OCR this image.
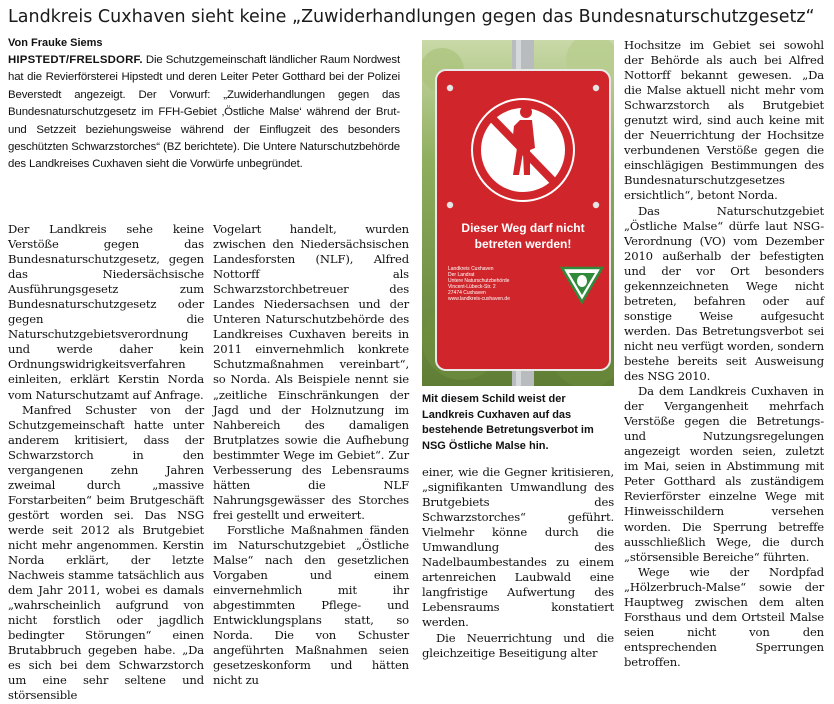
Landkreis Cuxhaven sieht keine „Zuwiderhandlungen gegen das Bundesnaturschutzgesetz“
Von Frauke Siems

HIPSTEDT/FRELSDORF. Die Schutzgemeinschaft ländlicher Raum Nordwest hat die Revierförsterei Hipstedt und deren Leiter Peter Gotthard bei der Polizei Beverstedt angezeigt. Der Vorwurf: „Zuwiderhandlungen gegen das Bundesnaturschutzgesetz im FFH-Gebiet ‚Östliche Malse‘ während der Brut- und Setzzeit beziehungsweise während der Einflugzeit des besonders geschützten Schwarzstorches“ (BZ berichtete). Die Untere Naturschutzbehörde des Landkreises Cuxhaven sieht die Vorwürfe unbegründet.

Der Landkreis sehe keine Verstöße gegen das Bundesnaturschutzgesetz, gegen das Niedersächsische Ausführungsgesetz zum Bundesnaturschutzgesetz oder gegen die Naturschutzgebietsverordnung und werde daher kein Ordnungswidrigkeitsverfahren einleiten, erklärt Kerstin Norda vom Naturschutzamt auf Anfrage.

Manfred Schuster von der Schutzgemeinschaft hatte unter anderem kritisiert, dass der Schwarzstorch in den vergangenen zehn Jahren zweimal durch „massive Forstarbeiten“ beim Brutgeschäft gestört worden sei. Das NSG werde seit 2012 als Brutgebiet nicht mehr angenommen. Kerstin Norda erklärt, der letzte Nachweis stamme tatsächlich aus dem Jahr 2011, wobei es damals „wahrscheinlich aufgrund von nicht forstlich oder jagdlich bedingter Störungen“ einen Brutabbruch gegeben habe. „Da es sich bei dem Schwarzstorch um eine sehr seltene und störsensible

Vogelart handelt, wurden zwischen den Niedersächsischen Landesforsten (NLF), Alfred Nottorff als Schwarzstorchbetreuer des Landes Niedersachsen und der Unteren Naturschutzbehörde des Landkreises Cuxhaven bereits in 2011 einvernehmlich konkrete Schutzmaßnahmen vereinbart“, so Norda. Als Beispiele nennt sie „zeitliche Einschränkungen der Jagd und der Holznutzung im Nahbereich des damaligen Brutplatzes sowie die Aufhebung bestimmter Wege im Gebiet“. Zur Verbesserung des Lebensraums hätten die NLF Nahrungsgewässer des Storches frei gestellt und erweitert.

Forstliche Maßnahmen fänden im Naturschutzgebiet „Östliche Malse“ nach den gesetzlichen Vorgaben und einem einvernehmlich mit ihr abgestimmten Pflege- und Entwicklungsplans statt, so Norda. Die von Schuster angeführten Maßnahmen seien gesetzeskonform und hätten nicht zu

Dieser Weg darf nicht
betreten werden!
Landkreis Cuxhaven
Der Landrat
Untere Naturschutzbehörde
Vincent-Lübeck-Str. 2
27474 Cuxhaven
www.landkreis-cuxhaven.de

Mit diesem Schild weist der Landkreis Cuxhaven auf das bestehende Betretungsverbot im NSG Östliche Malse hin.

einer, wie die Gegner kritisieren, „signifikanten Umwandlung des Brutgebiets des Schwarzstorches“ geführt. Vielmehr könne durch die Umwandlung des Nadelbaumbestandes zu einem artenreichen Laubwald eine langfristige Aufwertung des Lebensraums konstatiert werden.

Die Neuerrichtung und die gleichzeitige Beseitigung alter

Hochsitze im Gebiet sei sowohl der Behörde als auch bei Alfred Nottorff bekannt gewesen. „Da die Malse aktuell nicht mehr vom Schwarzstorch als Brutgebiet genutzt wird, sind auch keine mit der Neuerrichtung der Hochsitze verbundenen Verstöße gegen die einschlägigen Bestimmungen des Bundesnaturschutzgesetzes ersichtlich“, betont Norda.

Das Naturschutzgebiet „Östliche Malse“ dürfe laut NSG-Verordnung (VO) vom Dezember 2010 außerhalb der befestigten und der vor Ort besonders gekennzeichneten Wege nicht betreten, befahren oder auf sonstige Weise aufgesucht werden. Das Betretungsverbot sei nicht neu verfügt worden, sondern bestehe bereits seit Ausweisung des NSG 2010.

Da dem Landkreis Cuxhaven in der Vergangenheit mehrfach Verstöße gegen die Betretungs- und Nutzungsregelungen angezeigt worden seien, zuletzt im Mai, seien in Abstimmung mit Peter Gotthard als zuständigem Revierförster einzelne Wege mit Hinweisschildern versehen worden. Die Sperrung betreffe ausschließlich Wege, die durch „störsensible Bereiche“ führten.

Wege wie der Nordpfad „Hölzerbruch-Malse“ sowie der Hauptweg zwischen dem alten Forsthaus und dem Ortsteil Malse seien nicht von den entsprechenden Sperrungen betroffen.
